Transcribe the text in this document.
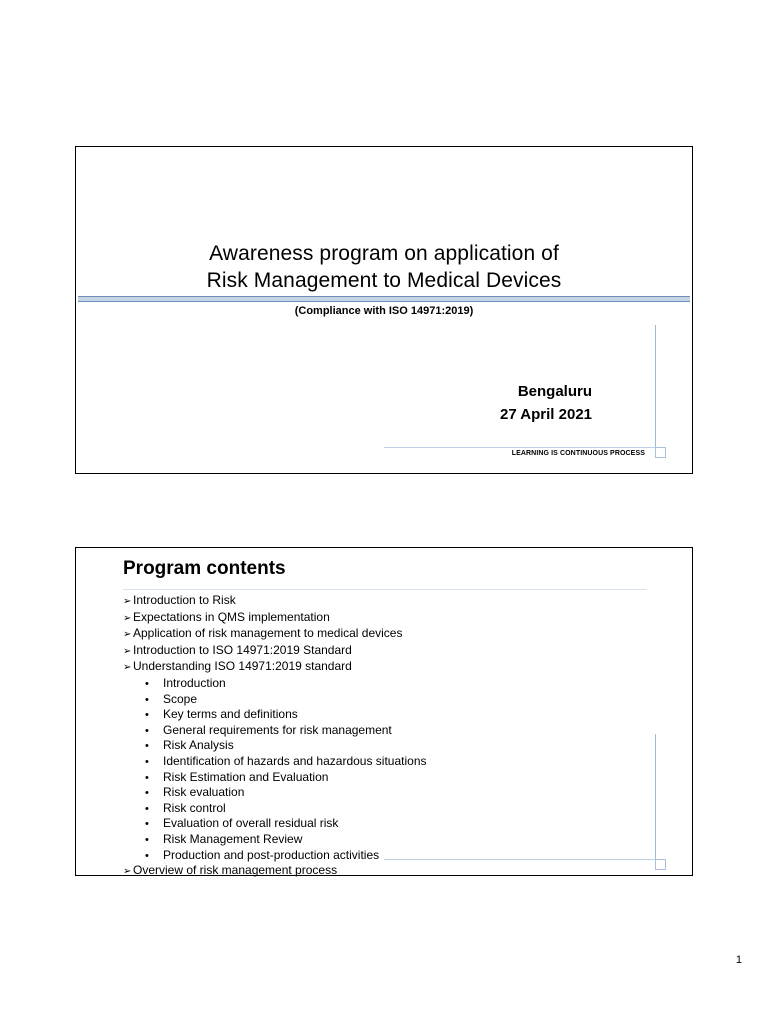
Awareness program on application of
Risk Management to Medical Devices
(Compliance with ISO 14971:2019)
Bengaluru
27 April 2021
LEARNING IS CONTINUOUS PROCESS
Program contents
➢ Introduction to Risk
➢ Expectations in QMS implementation
➢ Application of risk management to medical devices
➢ Introduction to ISO 14971:2019 Standard
➢ Understanding ISO 14971:2019 standard
• Introduction
• Scope
• Key terms and definitions
• General requirements for risk management
• Risk Analysis
• Identification of hazards and hazardous situations
• Risk Estimation and Evaluation
• Risk evaluation
• Risk control
• Evaluation of overall residual risk
• Risk Management Review
• Production and post-production activities
➢ Overview of risk management process
1
